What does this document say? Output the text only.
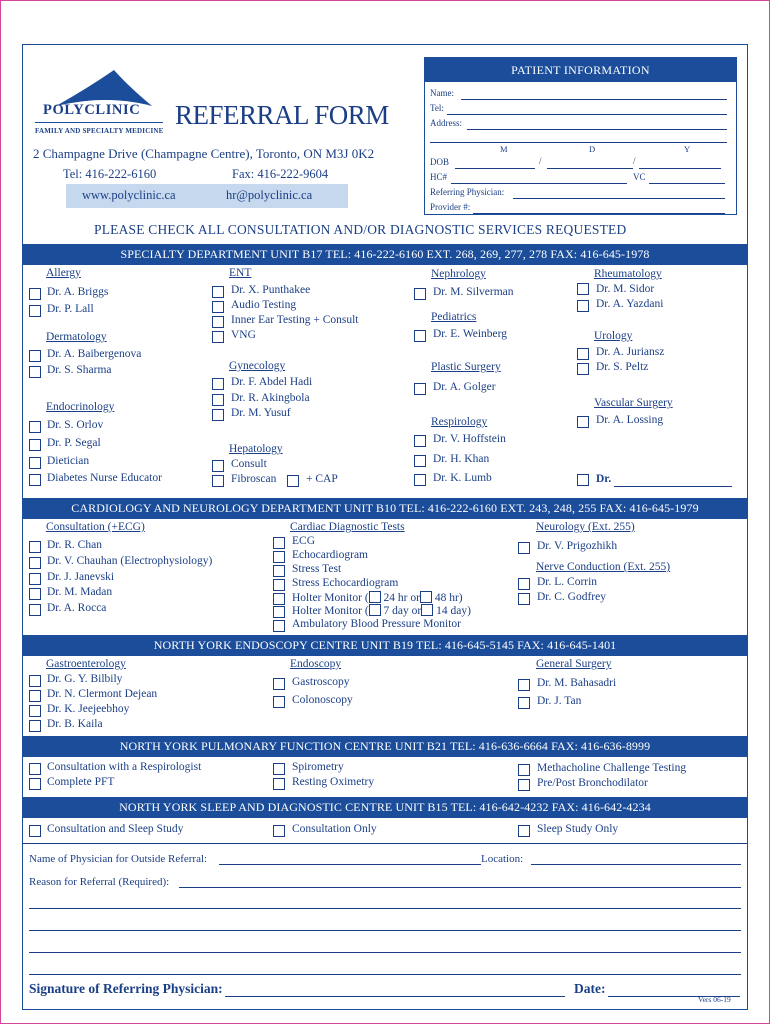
POLYCLINIC
FAMILY AND SPECIALTY MEDICINE
REFERRAL FORM
2 Champagne Drive (Champagne Centre), Toronto, ON M3J 0K2
Tel: 416-222-6160	Fax: 416-222-9604
www.polyclinic.ca	hr@polyclinic.ca
PATIENT INFORMATION
Name:
Tel:
Address:
M	D	Y
DOB	/	/
HC#	VC
Referring Physician:
Provider #:
PLEASE CHECK ALL CONSULTATION AND/OR DIAGNOSTIC SERVICES REQUESTED
SPECIALTY DEPARTMENT UNIT B17 TEL: 416-222-6160 EXT. 268, 269, 277, 278 FAX: 416-645-1978
Allergy
Dr. A. Briggs
Dr. P. Lall
Dermatology
Dr. A. Baibergenova
Dr. S. Sharma
Endocrinology
Dr. S. Orlov
Dr. P. Segal
Dietician
Diabetes Nurse Educator
ENT
Dr. X. Punthakee
Audio Testing
Inner Ear Testing + Consult
VNG
Gynecology
Dr. F. Abdel Hadi
Dr. R. Akingbola
Dr. M. Yusuf
Hepatology
Consult
Fibroscan	+ CAP
Nephrology
Dr. M. Silverman
Pediatrics
Dr. E. Weinberg
Plastic Surgery
Dr. A. Golger
Respirology
Dr. V. Hoffstein
Dr. H. Khan
Dr. K. Lumb
Rheumatology
Dr. M. Sidor
Dr. A. Yazdani
Urology
Dr. A. Juriansz
Dr. S. Peltz
Vascular Surgery
Dr. A. Lossing
Dr.
CARDIOLOGY AND NEUROLOGY DEPARTMENT UNIT B10 TEL: 416-222-6160 EXT. 243, 248, 255 FAX: 416-645-1979
Consultation (+ECG)
Dr. R. Chan
Dr. V. Chauhan (Electrophysiology)
Dr. J. Janevski
Dr. M. Madan
Dr. A. Rocca
Cardiac Diagnostic Tests
ECG
Echocardiogram
Stress Test
Stress Echocardiogram
Holter Monitor ( 24 hr or 48 hr)
Holter Monitor ( 7 day or 14 day)
Ambulatory Blood Pressure Monitor
Neurology (Ext. 255)
Dr. V. Prigozhikh
Nerve Conduction (Ext. 255)
Dr. L. Corrin
Dr. C. Godfrey
NORTH YORK ENDOSCOPY CENTRE UNIT B19 TEL: 416-645-5145 FAX: 416-645-1401
Gastroenterology
Dr. G. Y. Bilbily
Dr. N. Clermont Dejean
Dr. K. Jeejeebhoy
Dr. B. Kaila
Endoscopy
Gastroscopy
Colonoscopy
General Surgery
Dr. M. Bahasadri
Dr. J. Tan
NORTH YORK PULMONARY FUNCTION CENTRE UNIT B21 TEL: 416-636-6664 FAX: 416-636-8999
Consultation with a Respirologist
Complete PFT
Spirometry
Resting Oximetry
Methacholine Challenge Testing
Pre/Post Bronchodilator
NORTH YORK SLEEP AND DIAGNOSTIC CENTRE UNIT B15 TEL: 416-642-4232 FAX: 416-642-4234
Consultation and Sleep Study	Consultation Only	Sleep Study Only
Name of Physician for Outside Referral:	Location:
Reason for Referral (Required):
Signature of Referring Physician:	Date:
Vers 06-19
